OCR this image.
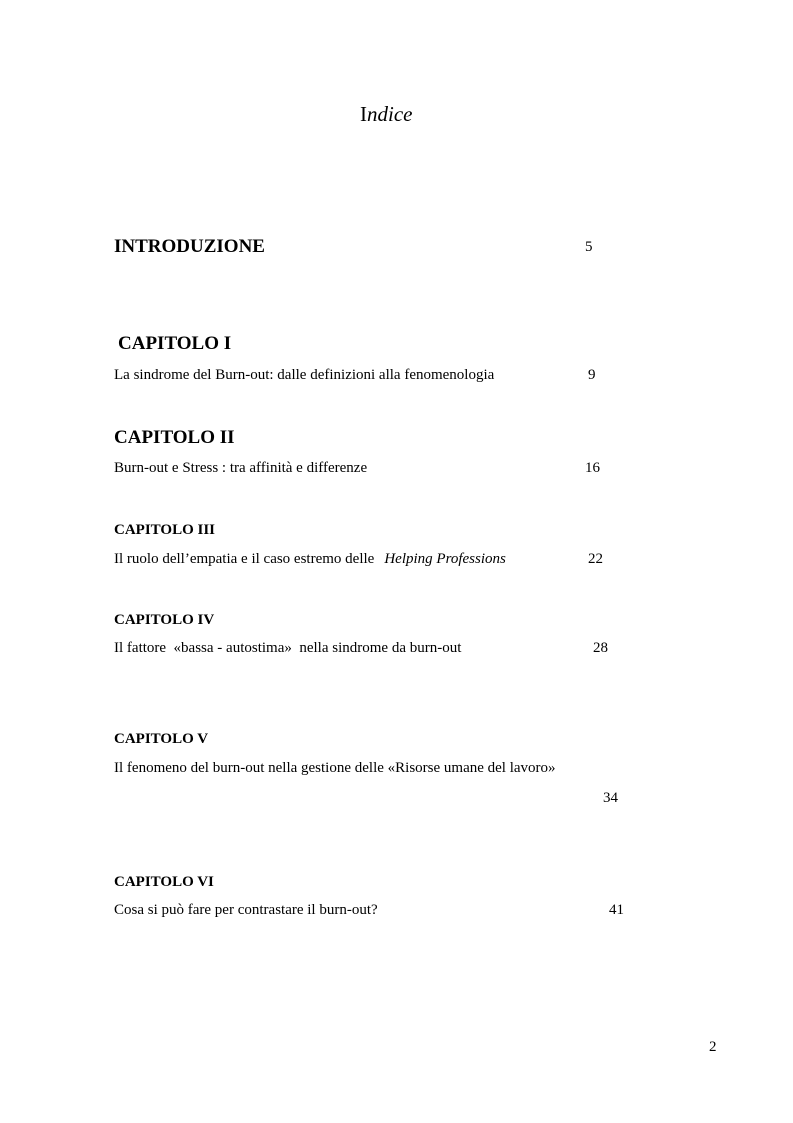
Indice
INTRODUZIONE	5
CAPITOLO I
La sindrome del Burn-out: dalle definizioni alla fenomenologia	9
CAPITOLO II
Burn-out e Stress : tra affinità e differenze	16
CAPITOLO III
Il ruolo dell’empatia e il caso estremo delle Helping Professions	22
CAPITOLO IV
Il fattore  «bassa - autostima»  nella sindrome da burn-out	28
CAPITOLO V
Il fenomeno del burn-out nella gestione delle «Risorse umane del lavoro»
34
CAPITOLO VI
Cosa si può fare per contrastare il burn-out?	41
2
